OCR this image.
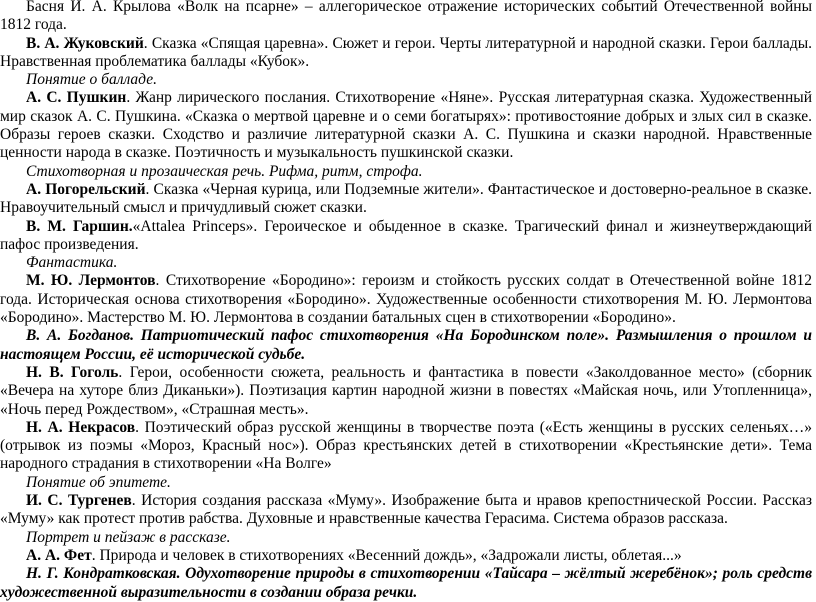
Басня И. А. Крылова «Волк на псарне» – аллегорическое отражение исторических событий Отечественной войны 1812 года.

В. А. Жуковский. Сказка «Спящая царевна». Сюжет и герои. Черты литературной и народной сказки. Герои баллады. Нравственная проблематика баллады «Кубок».

Понятие о балладе.

А. С. Пушкин. Жанр лирического послания. Стихотворение «Няне». Русская литературная сказка. Художественный мир сказок А. С. Пушкина. «Сказка о мертвой царевне и о семи богатырях»: противостояние добрых и злых сил в сказке. Образы героев сказки. Сходство и различие литературной сказки А. С. Пушкина и сказки народной. Нравственные ценности народа в сказке. Поэтичность и музыкальность пушкинской сказки.

Стихотворная и прозаическая речь. Рифма, ритм, строфа.

А. Погорельский. Сказка «Черная курица, или Подземные жители». Фантастическое и достоверно-реальное в сказке. Нравоучительный смысл и причудливый сюжет сказки.

В. М. Гаршин.«Attalea Princeps». Героическое и обыденное в сказке. Трагический финал и жизнеутверждающий пафос произведения.

Фантастика.

М. Ю. Лермонтов. Стихотворение «Бородино»: героизм и стойкость русских солдат в Отечественной войне 1812 года. Историческая основа стихотворения «Бородино». Художественные особенности стихотворения М. Ю. Лермонтова «Бородино». Мастерство М. Ю. Лермонтова в создании батальных сцен в стихотворении «Бородино».

В. А. Богданов. Патриотический пафос стихотворения «На Бородинском поле». Размышления о прошлом и настоящем России, её исторической судьбе.

Н. В. Гоголь. Герои, особенности сюжета, реальность и фантастика в повести «Заколдованное место» (сборник «Вечера на хуторе близ Диканьки»). Поэтизация картин народной жизни в повестях «Майская ночь, или Утопленница», «Ночь перед Рождеством», «Страшная месть».

Н. А. Некрасов. Поэтический образ русской женщины в творчестве поэта («Есть женщины в русских селеньях…» (отрывок из поэмы «Мороз, Красный нос»). Образ крестьянских детей в стихотворении «Крестьянские дети». Тема народного страдания в стихотворении «На Волге»

Понятие об эпитете.

И. С. Тургенев. История создания рассказа «Муму». Изображение быта и нравов крепостнической России. Рассказ «Муму» как протест против рабства. Духовные и нравственные качества Герасима. Система образов рассказа.

Портрет и пейзаж в рассказе.

А. А. Фет. Природа и человек в стихотворениях «Весенний дождь», «Задрожали листы, облетая...»

Н. Г. Кондратковская. Одухотворение природы в стихотворении «Тайсара – жёлтый жеребёнок»; роль средств художественной выразительности в создании образа речки.
